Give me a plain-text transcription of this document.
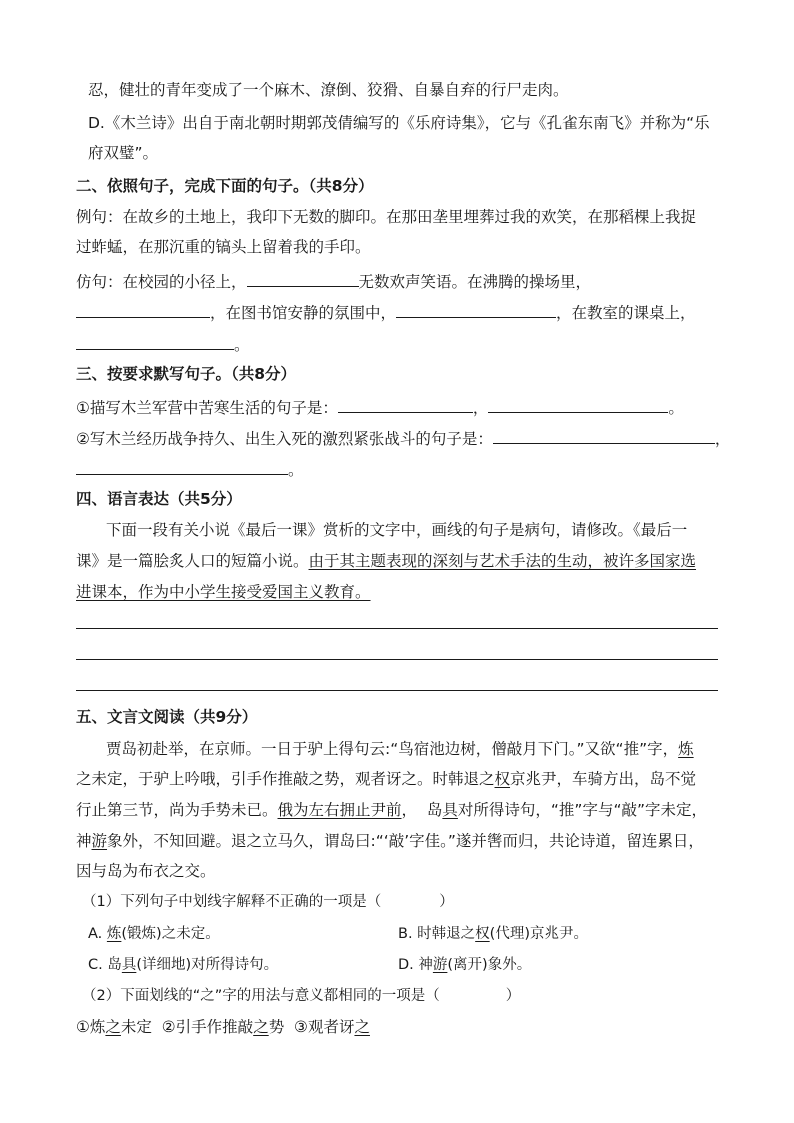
忍，健壮的青年变成了一个麻木、潦倒、狡猾、自暴自弃的行尸走肉。
D.《木兰诗》出自于南北朝时期郭茂倩编写的《乐府诗集》，它与《孔雀东南飞》并称为“乐
府双璧”。
二、依照句子，完成下面的句子。（共8分）
例句：在故乡的土地上，我印下无数的脚印。在那田垄里埋葬过我的欢笑，在那稻棵上我捉
过蚱蜢，在那沉重的镐头上留着我的手印。
仿句：在校园的小径上，	无数欢声笑语。在沸腾的操场里，
，在图书馆安静的氛围中，	，在教室的课桌上，
。
三、按要求默写句子。（共8分）
①描写木兰军营中苦寒生活的句子是：	，	。
②写木兰经历战争持久、出生入死的激烈紧张战斗的句子是：	，
。
四、语言表达（共5分）
下面一段有关小说《最后一课》赏析的文字中，画线的句子是病句，请修改。《最后一
课》是一篇脍炙人口的短篇小说。由于其主题表现的深刻与艺术手法的生动，被许多国家选
进课本，作为中小学生接受爱国主义教育。
五、文言文阅读（共9分）
贾岛初赴举，在京师。一日于驴上得句云:“鸟宿池边树，僧敲月下门。”又欲“推”字，炼
之未定，于驴上吟哦，引手作推敲之势，观者讶之。时韩退之权京兆尹，车骑方出，岛不觉
行止第三节，尚为手势未已。俄为左右拥止尹前，  岛具对所得诗句，“推”字与“敲”字未定，
神游象外，不知回避。退之立马久，谓岛曰:“‘敲’字佳。”遂并辔而归，共论诗道，留连累日，
因与岛为布衣之交。
（1）下列句子中划线字解释不正确的一项是（	）
A. 炼(锻炼)之未定。	B. 时韩退之权(代理)京兆尹。
C. 岛具(详细地)对所得诗句。	D. 神游(离开)象外。
（2）下面划线的“之”字的用法与意义都相同的一项是（	）
①炼之未定  ②引手作推敲之势  ③观者讶之
